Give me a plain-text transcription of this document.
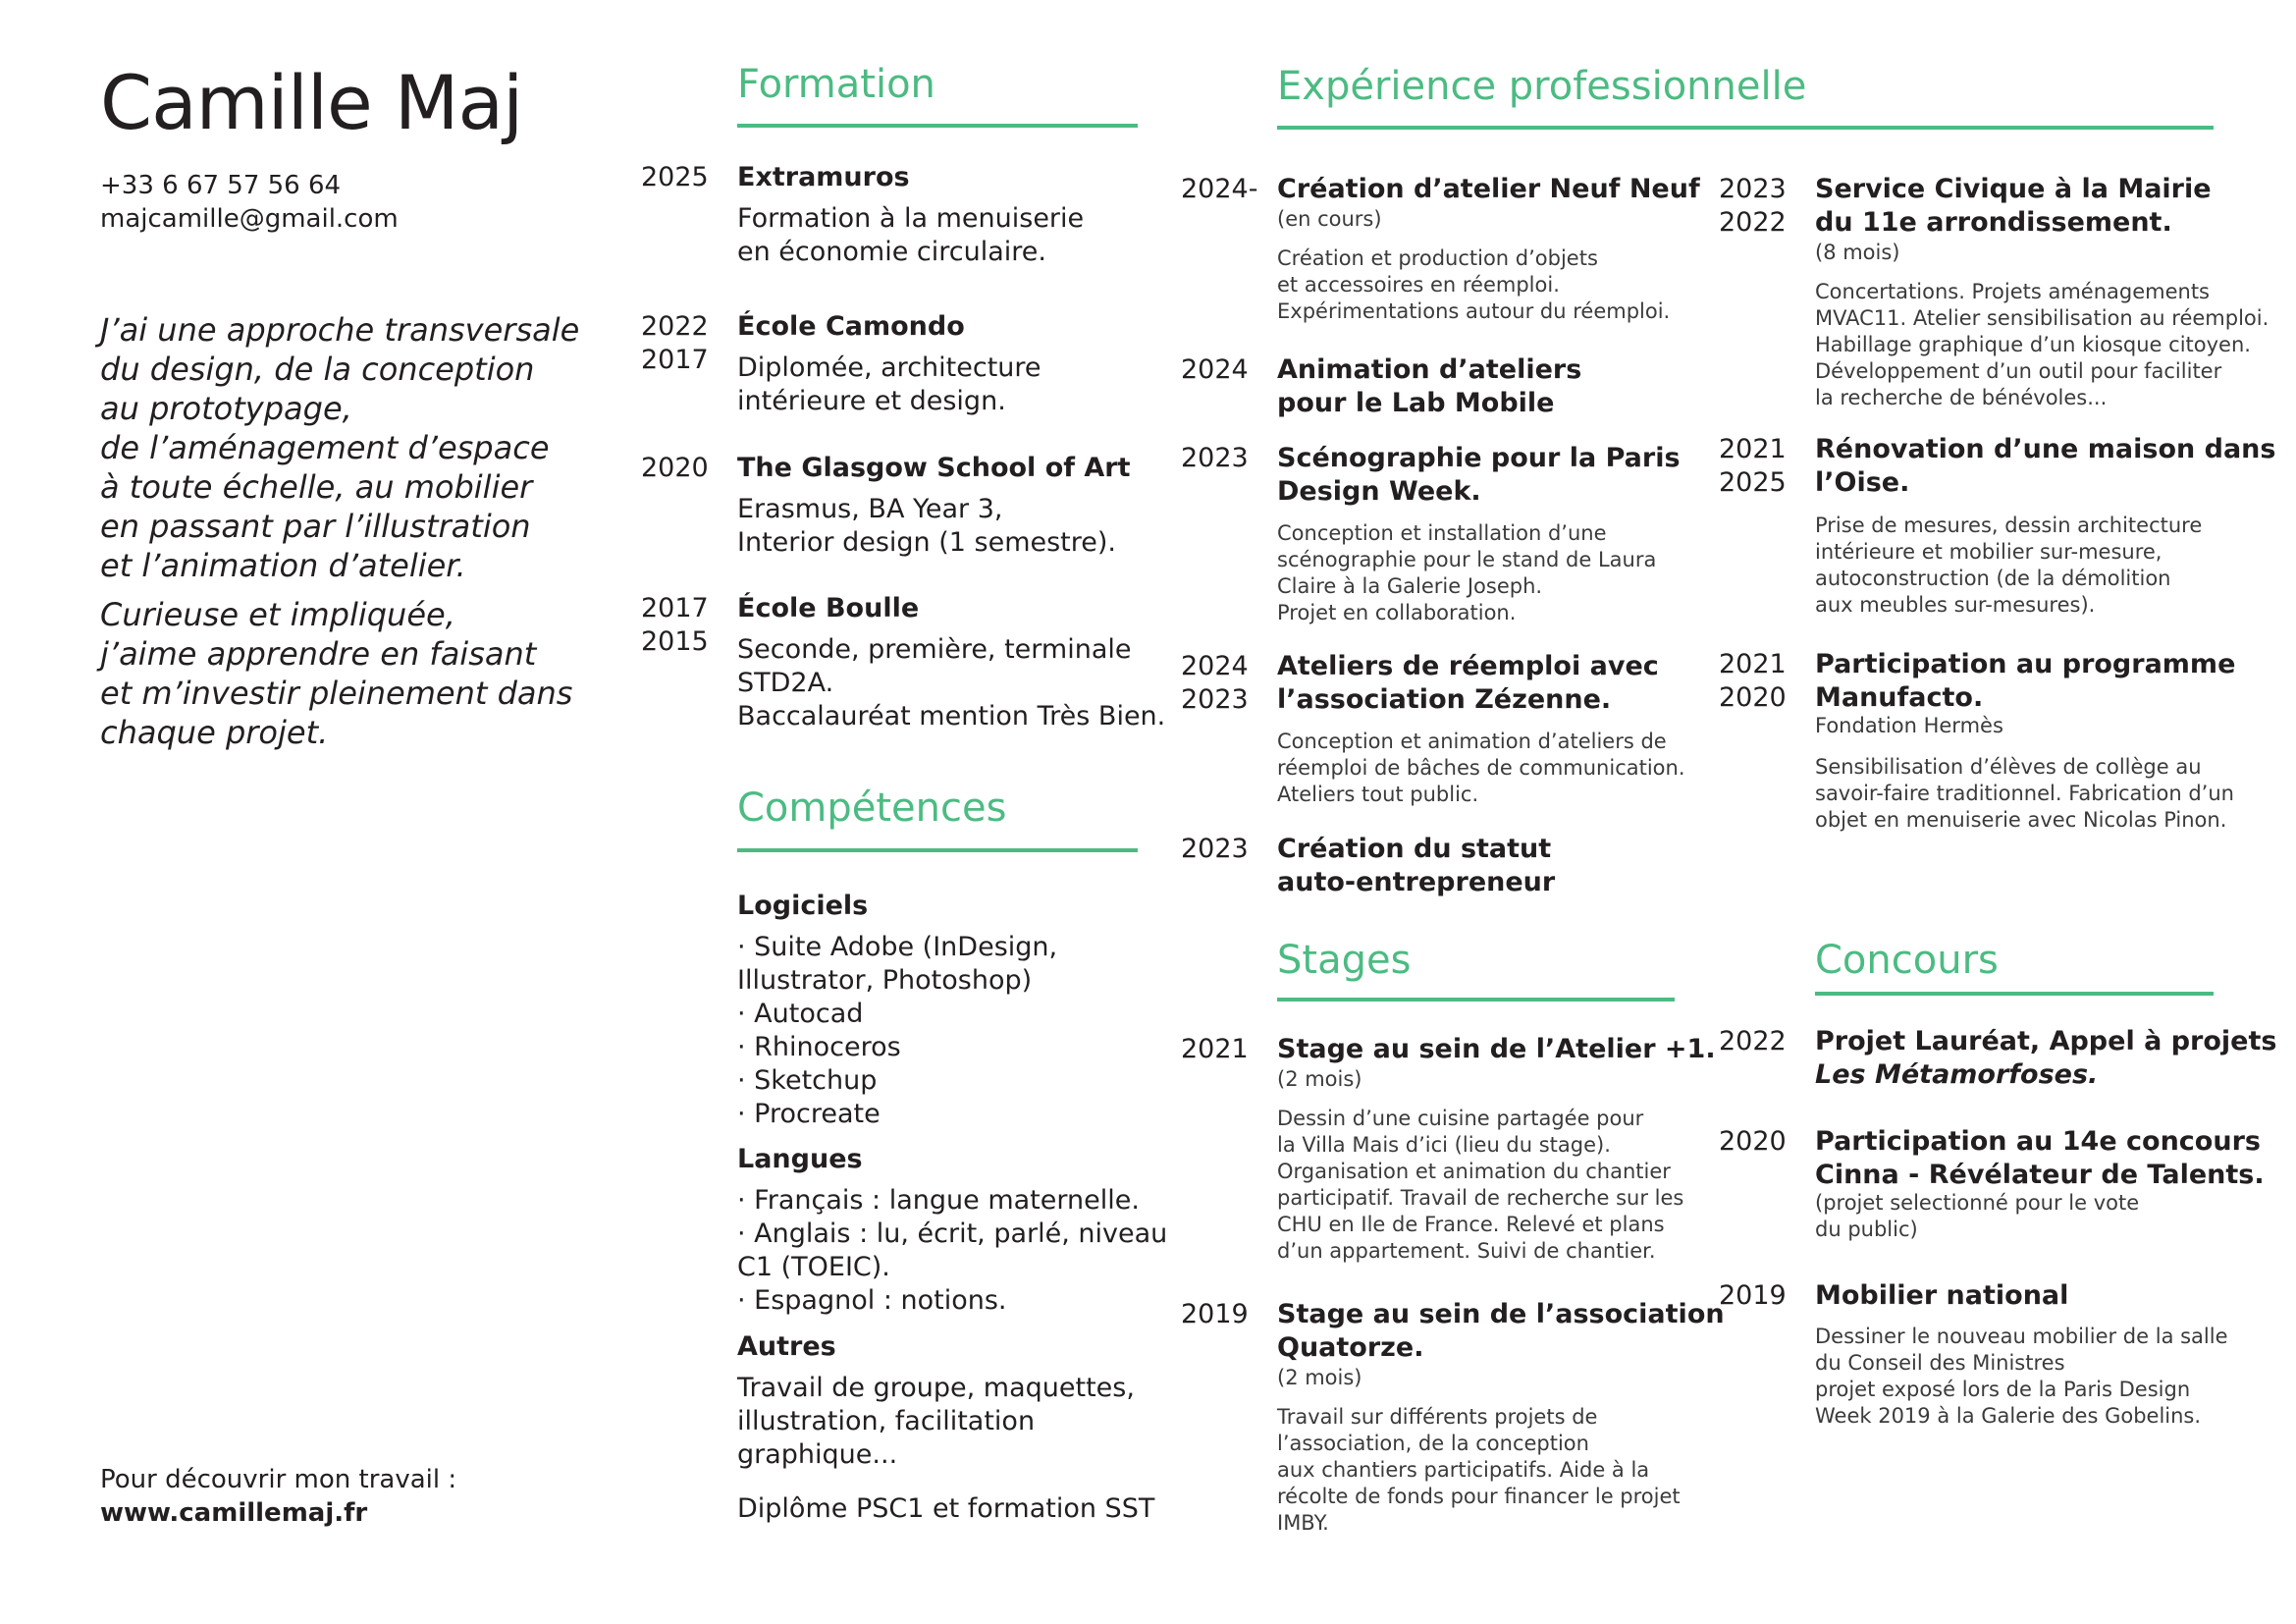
Camille Maj
+33 6 67 57 56 64
majcamille@gmail.com

J’ai une approche transversale
du design, de la conception
au prototypage,
de l’aménagement d’espace
à toute échelle, au mobilier
en passant par l’illustration
et l’animation d’atelier.

Curieuse et impliquée,
j’aime apprendre en faisant
et m’investir pleinement dans
chaque projet.

Pour découvrir mon travail :
www.camillemaj.fr
Formation
2025 Extramuros
Formation à la menuiserie
en économie circulaire.
2022
2017
École Camondo
Diplomée, architecture
intérieure et design.
2020 The Glasgow School of Art
Erasmus, BA Year 3,
Interior design (1 semestre).
2017
2015
École Boulle
Seconde, première, terminale
STD2A.
Baccalauréat mention Très Bien.
Compétences
Logiciels
· Suite Adobe (InDesign,
Illustrator, Photoshop)
· Autocad
· Rhinoceros
· Sketchup
· Procreate
Langues
· Français : langue maternelle.
· Anglais : lu, écrit, parlé, niveau
C1 (TOEIC).
· Espagnol : notions.
Autres
Travail de groupe, maquettes,
illustration, facilitation
graphique...
Diplôme PSC1 et formation SST
Expérience professionnelle
2024- Création d’atelier Neuf Neuf
(en cours)
Création et production d’objets
et accessoires en réemploi.
Expérimentations autour du réemploi.
2024 Animation d’ateliers
pour le Lab Mobile
2023 Scénographie pour la Paris
Design Week.
Conception et installation d’une
scénographie pour le stand de Laura
Claire à la Galerie Joseph.
Projet en collaboration.
2024
2023
Ateliers de réemploi avec
l’association Zézenne.
Conception et animation d’ateliers de
réemploi de bâches de communication.
Ateliers tout public.
2023 Création du statut
auto-entrepreneur
2023
2022
Service Civique à la Mairie
du 11e arrondissement.
(8 mois)
Concertations. Projets aménagements
MVAC11. Atelier sensibilisation au réemploi.
Habillage graphique d’un kiosque citoyen.
Développement d’un outil pour faciliter
la recherche de bénévoles...
2021
2025
Rénovation d’une maison dans
l’Oise.
Prise de mesures, dessin architecture
intérieure et mobilier sur-mesure,
autoconstruction (de la démolition
aux meubles sur-mesures).
2021
2020
Participation au programme
Manufacto.
Fondation Hermès
Sensibilisation d’élèves de collège au
savoir-faire traditionnel. Fabrication d’un
objet en menuiserie avec Nicolas Pinon.
Stages
2021 Stage au sein de l’Atelier +1.
(2 mois)
Dessin d’une cuisine partagée pour
la Villa Mais d’ici (lieu du stage).
Organisation et animation du chantier
participatif. Travail de recherche sur les
CHU en Ile de France. Relevé et plans
d’un appartement. Suivi de chantier.
2019 Stage au sein de l’association
Quatorze.
(2 mois)
Travail sur différents projets de
l’association, de la conception
aux chantiers participatifs. Aide à la
récolte de fonds pour financer le projet
IMBY.
Concours
2022 Projet Lauréat, Appel à projets
Les Métamorfoses.
2020 Participation au 14e concours
Cinna - Révélateur de Talents.
(projet selectionné pour le vote
du public)
2019 Mobilier national
Dessiner le nouveau mobilier de la salle
du Conseil des Ministres
projet exposé lors de la Paris Design
Week 2019 à la Galerie des Gobelins.
